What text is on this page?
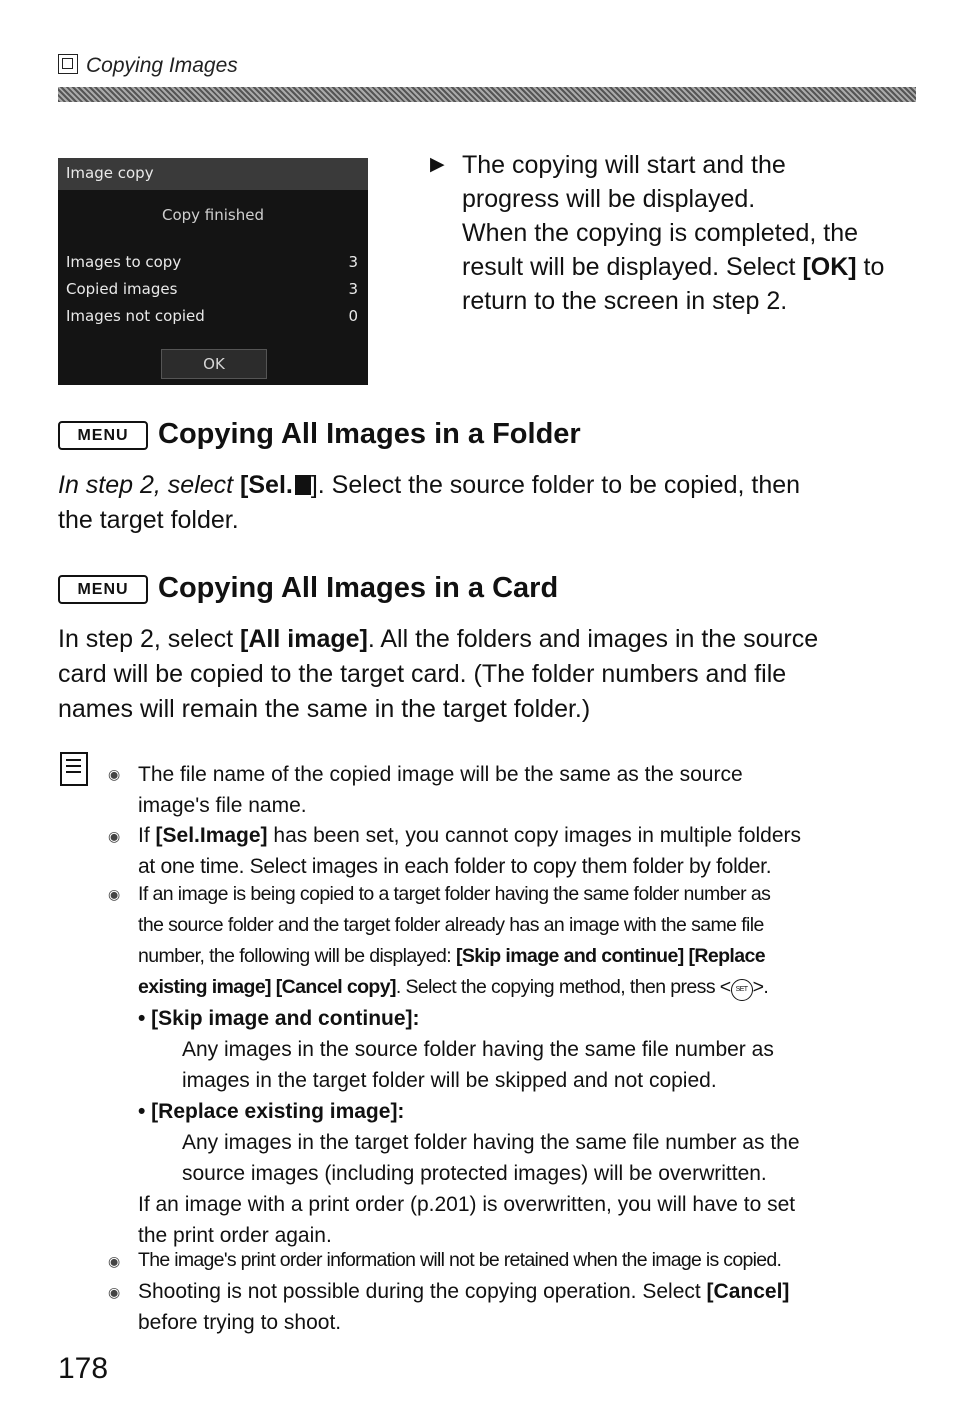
Copying Images
Image copy
Copy finished
Images to copy	3
Copied images	3
Images not copied	0
OK
▶ The copying will start and the
progress will be displayed.
When the copying is completed, the
result will be displayed. Select [OK] to
return to the screen in step 2.
MENU Copying All Images in a Folder
In step 2, select [Sel. ]. Select the source folder to be copied, then
the target folder.
MENU Copying All Images in a Card
In step 2, select [All image]. All the folders and images in the source
card will be copied to the target card. (The folder numbers and file
names will remain the same in the target folder.)
◉ The file name of the copied image will be the same as the source
image's file name.
◉ If [Sel.Image] has been set, you cannot copy images in multiple folders
at one time. Select images in each folder to copy them folder by folder.
◉ If an image is being copied to a target folder having the same folder number as
the source folder and the target folder already has an image with the same file
number, the following will be displayed: [Skip image and continue] [Replace
existing image] [Cancel copy]. Select the copying method, then press < SET >.
• [Skip image and continue]:
Any images in the source folder having the same file number as
images in the target folder will be skipped and not copied.
• [Replace existing image]:
Any images in the target folder having the same file number as the
source images (including protected images) will be overwritten.
If an image with a print order (p.201) is overwritten, you will have to set
the print order again.
◉ The image's print order information will not be retained when the image is copied.
◉ Shooting is not possible during the copying operation. Select [Cancel]
before trying to shoot.
178
